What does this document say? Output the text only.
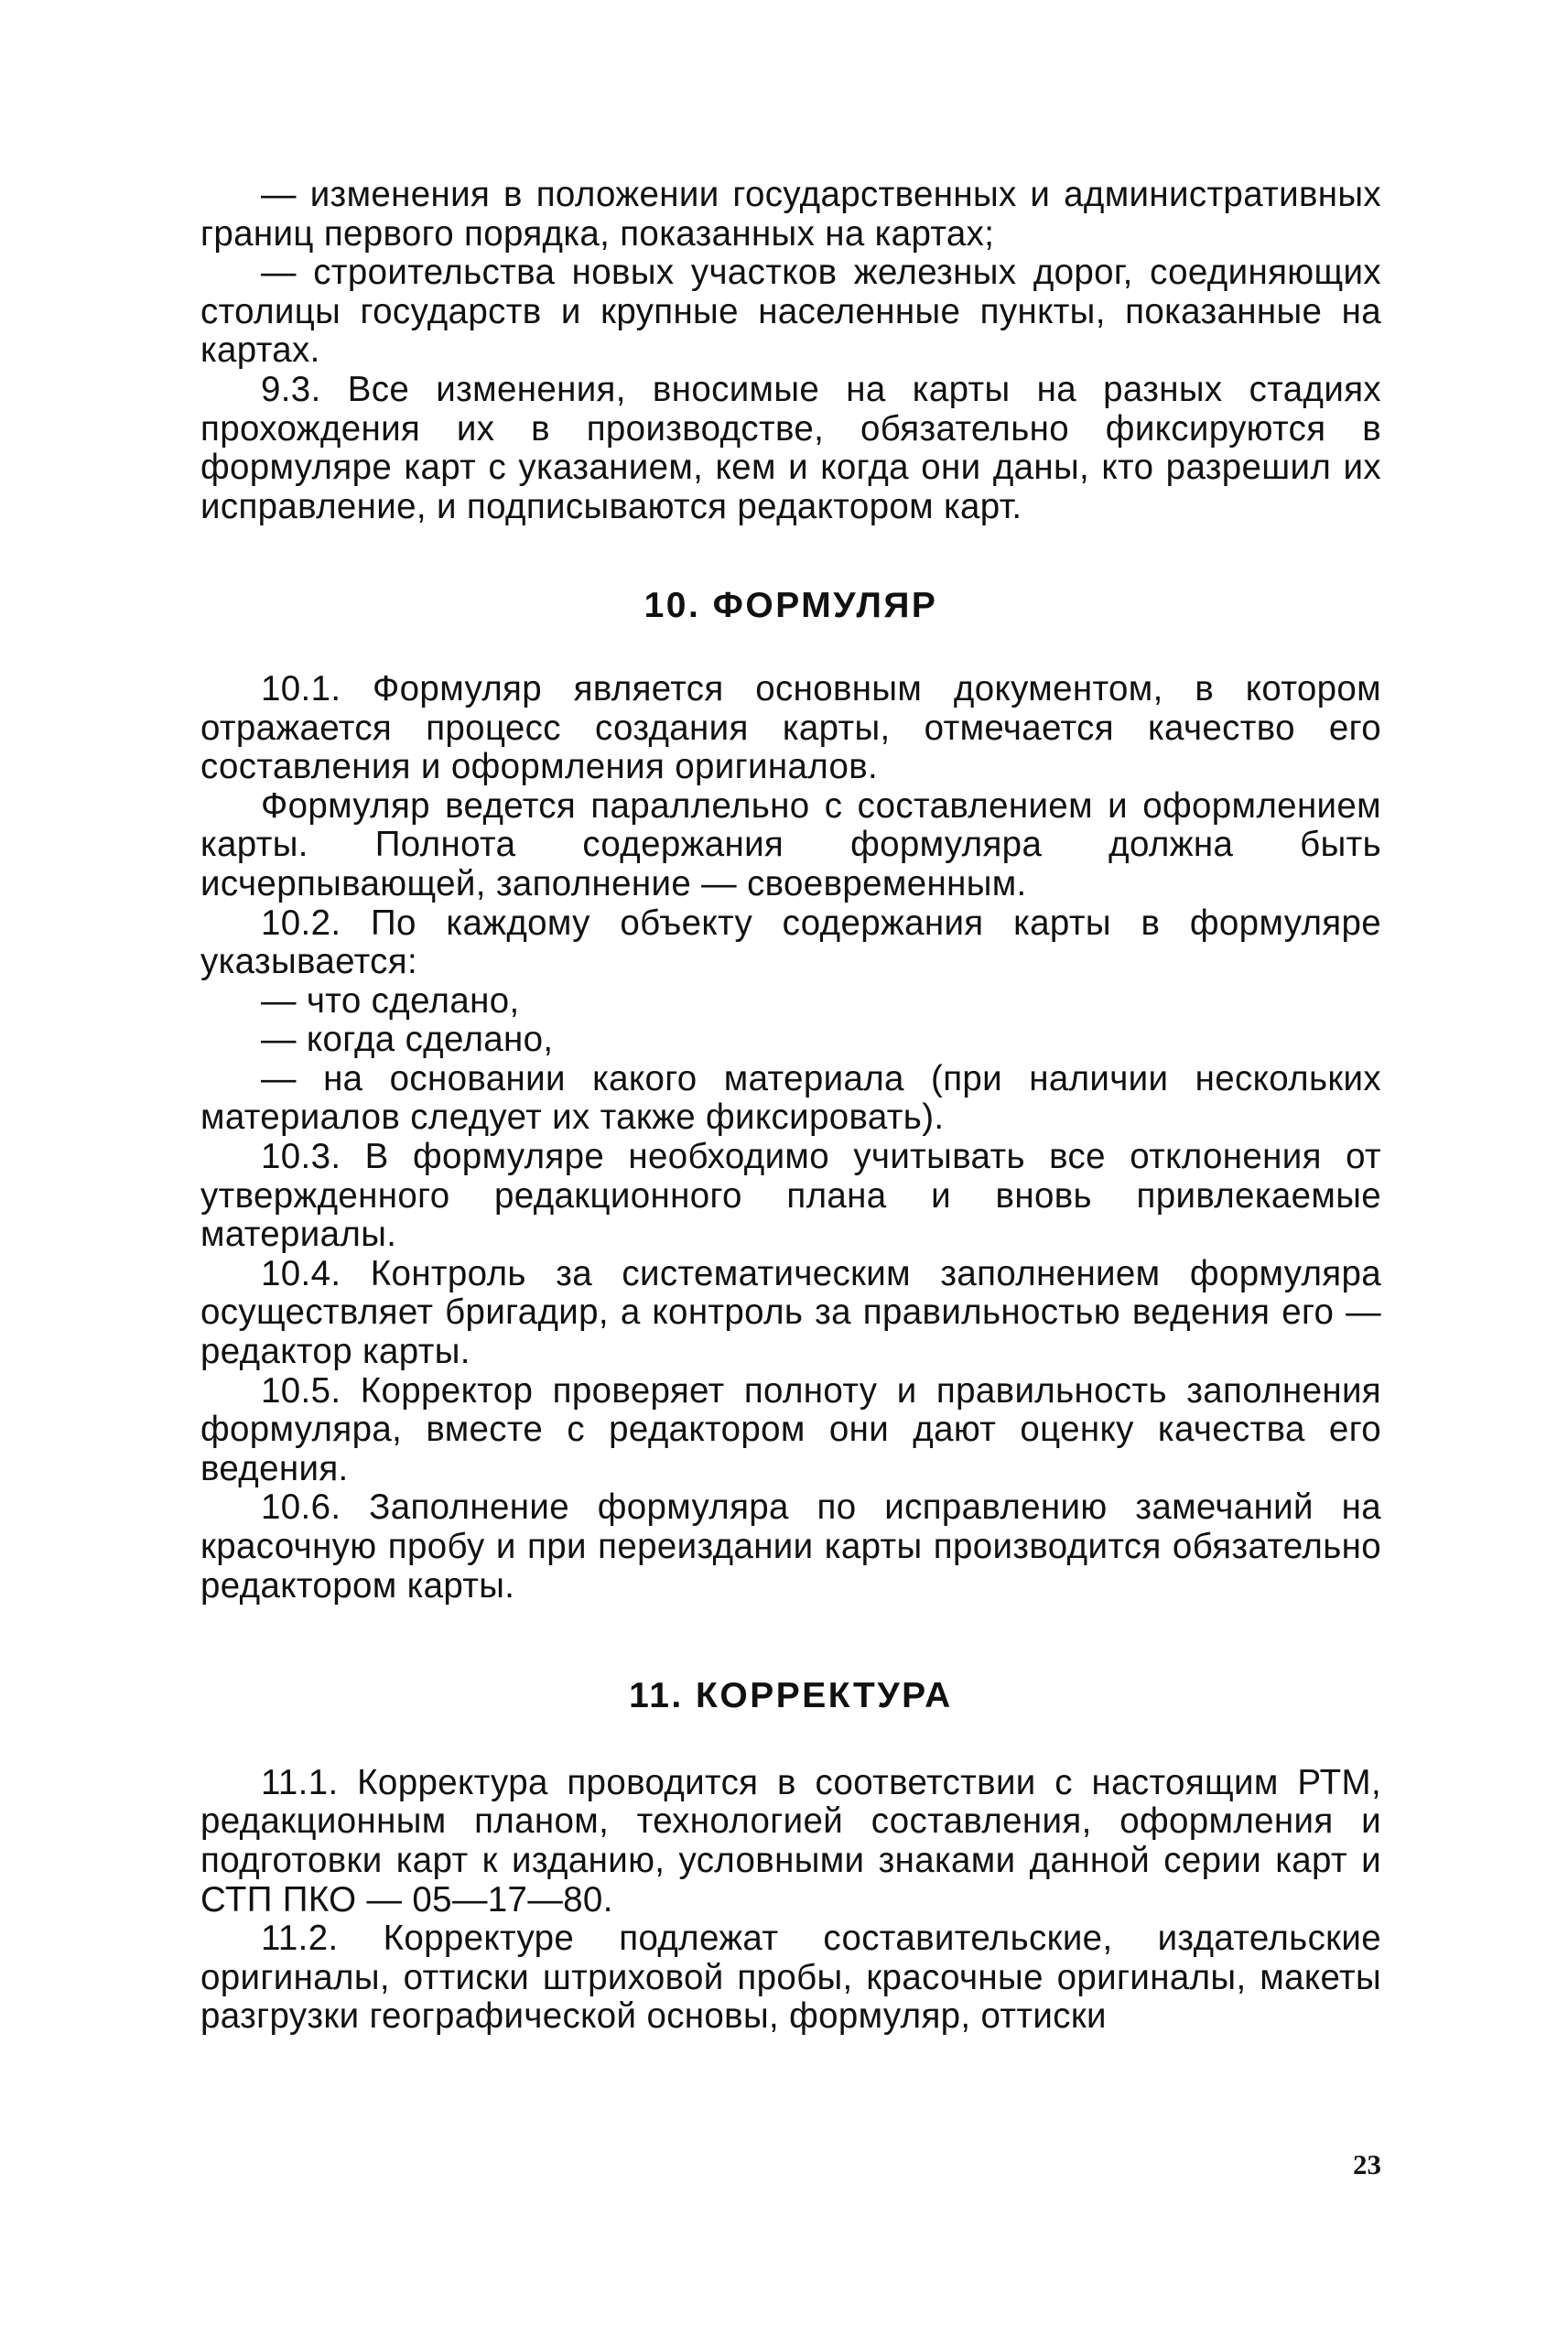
— изменения в положении государственных и административных границ первого порядка, показанных на картах;

— строительства новых участков железных дорог, соединяющих столицы государств и крупные населенные пункты, показанные на картах.

9.3. Все изменения, вносимые на карты на разных стадиях прохождения их в производстве, обязательно фиксируются в формуляре карт с указанием, кем и когда они даны, кто разрешил их исправление, и подписываются редактором карт.

10. ФОРМУЛЯР

10.1. Формуляр является основным документом, в котором отражается процесс создания карты, отмечается качество его составления и оформления оригиналов.

Формуляр ведется параллельно с составлением и оформлением карты. Полнота содержания формуляра должна быть исчерпывающей, заполнение — своевременным.

10.2. По каждому объекту содержания карты в формуляре указывается:

— что сделано,

— когда сделано,

— на основании какого материала (при наличии нескольких материалов следует их также фиксировать).

10.3. В формуляре необходимо учитывать все отклонения от утвержденного редакционного плана и вновь привлекаемые материалы.

10.4. Контроль за систематическим заполнением формуляра осуществляет бригадир, а контроль за правильностью ведения его — редактор карты.

10.5. Корректор проверяет полноту и правильность заполнения формуляра, вместе с редактором они дают оценку качества его ведения.

10.6. Заполнение формуляра по исправлению замечаний на красочную пробу и при переиздании карты производится обязательно редактором карты.

11. КОРРЕКТУРА

11.1. Корректура проводится в соответствии с настоящим РТМ, редакционным планом, технологией составления, оформления и подготовки карт к изданию, условными знаками данной серии карт и СТП ПКО — 05—17—80.

11.2. Корректуре подлежат составительские, издательские оригиналы, оттиски штриховой пробы, красочные оригиналы, макеты разгрузки географической основы, формуляр, оттиски

23
